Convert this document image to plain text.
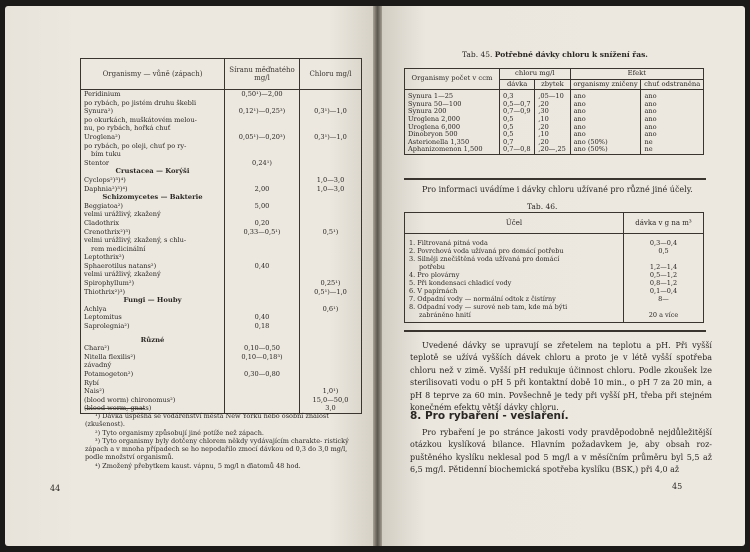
Organismy — vůně (zápach)	Síranu měďnatého mg/l	Chloru mg/l
Peridinium	0,50¹)—2,00	
po rybách, po jistém druhu škebli		
Synura²)	0,12¹)—0,25³)	0,3¹)—1,0
po okurkách, muškátovém melou-		
nu, po rybách, hořká chuť		
Uroglena²)	0,05¹)—0,20³)	0,3¹)—1,0
po rybách, po oleji, chuť po ry-		
bím tuku		
Stentor	0,24¹)	
Crustacea — Korýši		
Cyclops²)³)⁴)		1,0—3,0
Daphnia²)³)⁴)	2,00	1,0—3,0
Schizomycetes — Bakterie		
Beggiatoa²)	5,00	
velmi urážlivý, zkažený		
Cladothrix	0,20	
Crenothrix²)³)	0,33—0,5¹)	0,5¹)
velmi urážlivý, zkažený, s chlu-		
rem medicinální		
Leptothrix²)		
Sphaerotilus natans²)	0,40	
velmi urážlivý, zkažený		
Spirophyllum²)		0,25¹)
Thiothrix²)³)		0,5¹)—1,0
Fungi — Houby		
Achlya		0,6¹)
Leptomitus	0,40	
Saprolegnia²)	0,18	

Různé		
Chara²)	0,10—0,50	
Nitella flexilis²)	0,10—0,18³)	
závadný		
Potamogeton²)	0,30—0,80	
Rybí		
Nais²)		1,0¹)
(blood worm) chironomus²)		15,0—50,0
(blood worm, gnats)		3,0
¹) Dávka úspěšná se vodárenství města New Yorku nebo osobní znalost (zkušenost).
²) Tyto organismy způsobují jiné potíže než zápach.
³) Tyto organismy byly dotčeny chlorem někdy vydávajícím charakte- ristický zápach a v mnoha případech se ho nepodařilo zmocí dávkou od 0,3 do 3,0 mg/l, podle množství organismů.
⁴) Zmožený přebytkem kaust. vápnu, 5 mg/l n ďiatomů 48 hod.
44
Tab. 45. Potřebné dávky chloru k snížení řas.
Organismy počet v ccm	chloru mg/l		Efekt	
	dávka	zbytek	organismy zničeny	chuť odstraněna
Synura 1—25	0,3	,05—10	ano	ano
Synura 50—100	0,5—0,7	,20	ano	ano
Synura 200	0,7—0,9	,30	ano	ano
Uroglena 2,000	0,5	,10	ano	ano
Uroglena 6,000	0,5	,20	ano	ano
Dinobryon 500	0,5	,10	ano	ano
Asterionella 1,350	0,7	,20	ano (50%)	ne
Aphanizomenon 1,500	0,7—0,8	,20—,25	ano (50%)	ne
Pro informaci uvádíme i dávky chloru užívané pro různé jiné účely.
Tab. 46.
Účel	dávka v g na m³
1. Filtrovaná pitná voda	0,3—0,4
2. Povrchová voda užívaná pro domácí potřebu	0,5
3. Silněji znečištěná voda užívaná pro domácí	
potřebu	1,2—1,4
4. Pro plovárny	0,5—1,2
5. Při kondensaci chladicí vody	0,8—1,2
6. V papírnách	0,1—0,4
7. Odpadní vody — normální odtok z čistírny	8—
8. Odpadní vody — surové neb tam, kde má býti	
zabráněno hnití	20 a více
Uvedené dávky se upravují se zřetelem na teplotu a pH. Při vyšší teplotě se užívá vyšších dávek chloru a proto je v létě vyšší spotřeba chloru než v zimě. Vyšší pH redukuje účinnost chloru. Podle zkoušek lze sterilisovati vodu o pH 5 při kontaktní době 10 min., o pH 7 za 20 min, a pH 8 teprve za 60 min. Povšechně je tedy při vyšší pH, třeba při stejném konečném efektu větší dávky chloru.
8. Pro rybaření - veslaření.
Pro rybaření je po stránce jakosti vody pravděpodobně nejdůležitější otázkou kyslíková bilance. Hlavním požadavkem je, aby obsah roz- puštěného kyslíku neklesal pod 5 mg/l a v měsíčním průměru byl 5,5 až 6,5 mg/l. Pětidenní biochemická spotřeba kyslíku (BSK,) při 4,0 až
45
